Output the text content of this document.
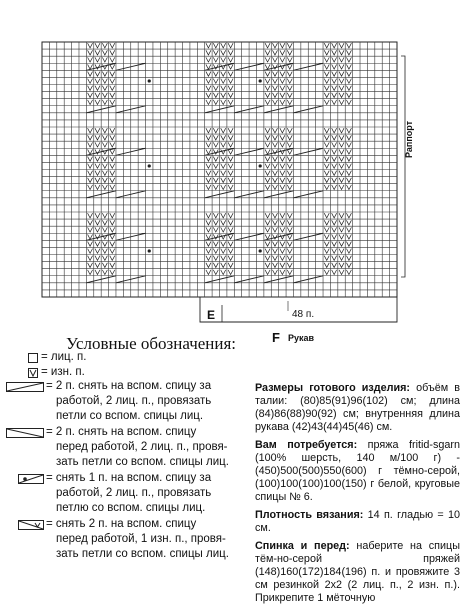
E	48 п.
F Рукав
Раппорт
Условные обозначения:
= лиц. п.
= изн. п.
= 2 п. снять на вспом. спицу за
работой, 2 лиц. п., провязать
петли со вспом. спицы лиц.
= 2 п. снять на вспом. спицу
перед работой, 2 лиц. п., провя-
зать петли со вспом. спицы лиц.
= снять 1 п. на вспом. спицу за
работой, 2 лиц. п., провязать
петлю со вспом. спицы лиц.
= снять 2 п. на вспом. спицу
перед работой, 1 изн. п., провя-
зать петли со вспом. спицы лиц.

Размеры готового изделия: объём в талии: (80)85(91)96(102) см; длина (84)86(88)90(92) см; внутренняя длина рукава (42)43(44)45(46) см.

Вам потребуется: пряжа fritid-sgarn (100% шерсть, 140 м/100 г) - (450)500(500)550(600) г тёмно-серой, (100)100(100)100(150) г белой, круговые спицы № 6.

Плотность вязания: 14 п. гладью = 10 см.

Спинка и перед: наберите на спицы тём-но-серой пряжей (148)160(172)184(196) п. и провяжите 3 см резинкой 2x2 (2 лиц. п., 2 изн. п.). Прикрепите 1 мёточную
